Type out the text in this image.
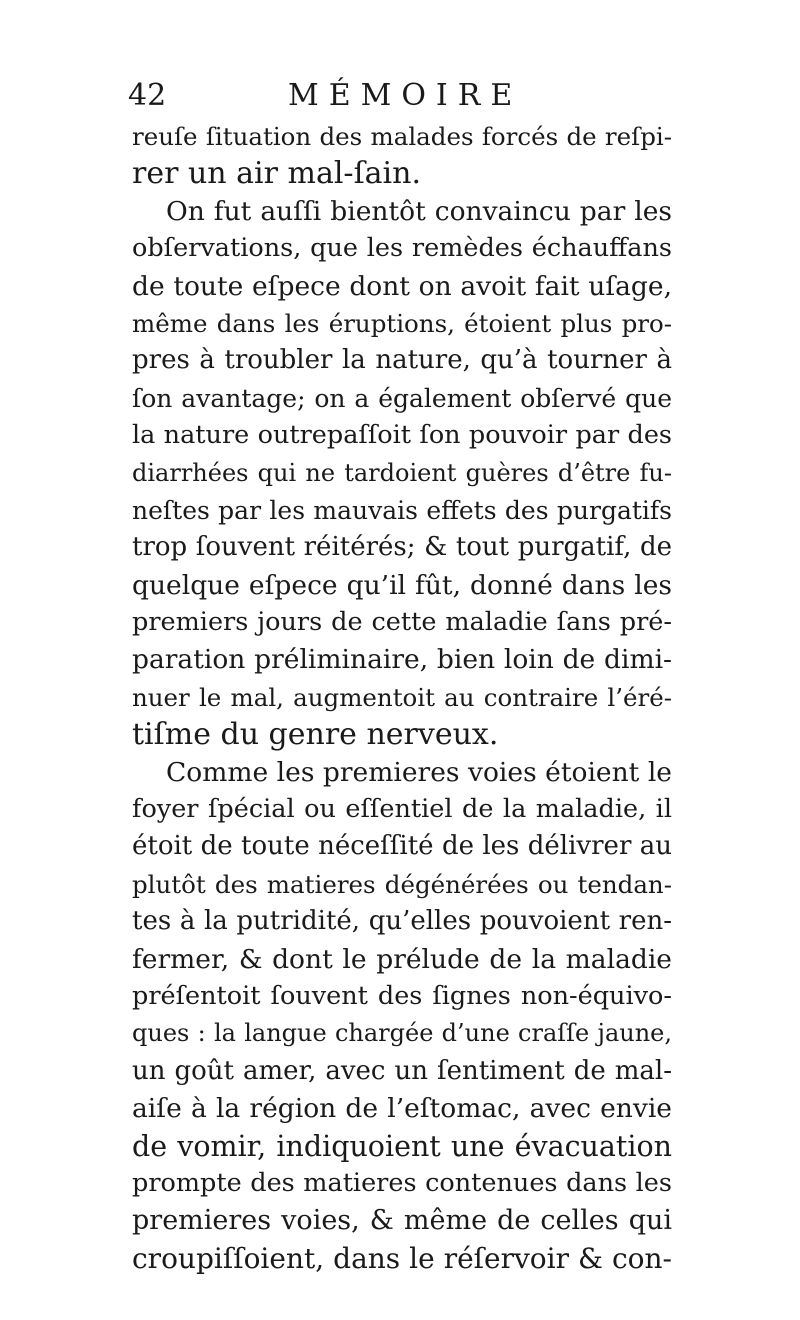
42	MÉMOIRE
reuſe ſituation des malades forcés de reſpi-
rer un air mal-ſain.
On fut auſſi bientôt convaincu par les
obſervations, que les remèdes échauffans
de toute eſpece dont on avoit fait uſage,
même dans les éruptions, étoient plus pro-
pres à troubler la nature, qu’à tourner à
ſon avantage; on a également obſervé que
la nature outrepaſſoit ſon pouvoir par des
diarrhées qui ne tardoient guères d’être fu-
neſtes par les mauvais effets des purgatifs
trop ſouvent réitérés; & tout purgatif, de
quelque eſpece qu’il fût, donné dans les
premiers jours de cette maladie ſans pré-
paration préliminaire, bien loin de dimi-
nuer le mal, augmentoit au contraire l’éré-
tiſme du genre nerveux.
Comme les premieres voies étoient le
foyer ſpécial ou eſſentiel de la maladie, il
étoit de toute néceſſité de les délivrer au
plutôt des matieres dégénérées ou tendan-
tes à la putridité, qu’elles pouvoient ren-
fermer, & dont le prélude de la maladie
préſentoit ſouvent des ſignes non-équivo-
ques : la langue chargée d’une craſſe jaune,
un goût amer, avec un ſentiment de mal-
aiſe à la région de l’eſtomac, avec envie
de vomir, indiquoient une évacuation
prompte des matieres contenues dans les
premieres voies, & même de celles qui
croupiſſoient, dans le réſervoir & con-
